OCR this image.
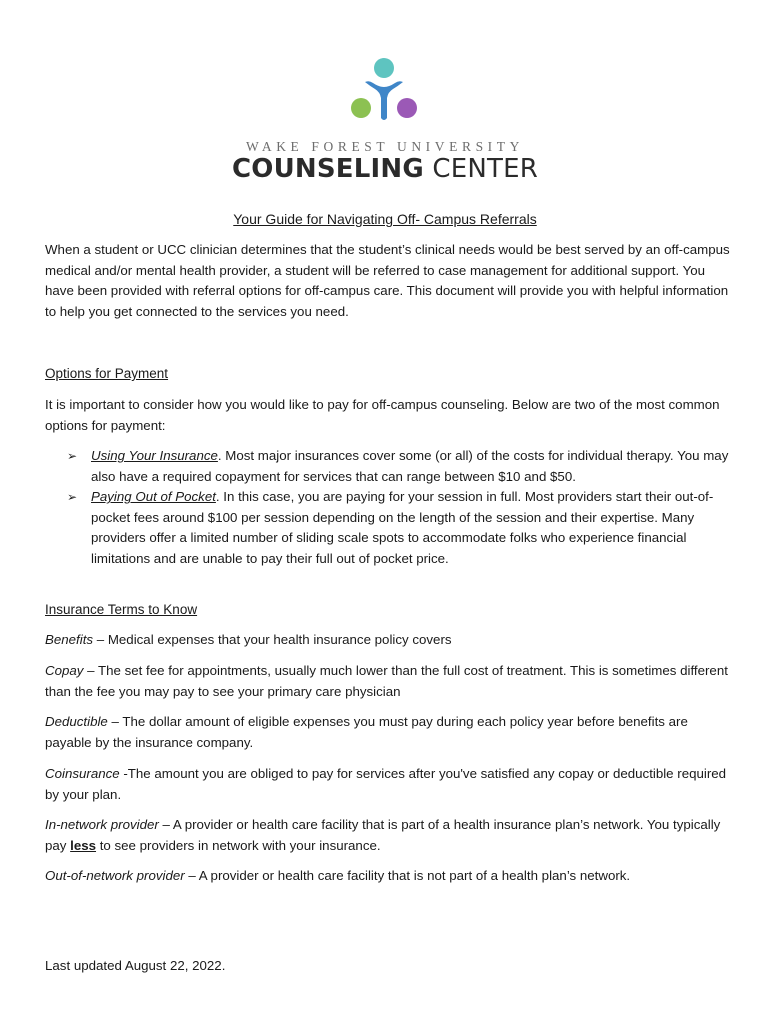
WAKE FOREST UNIVERSITY
COUNSELING CENTER
Your Guide for Navigating Off- Campus Referrals

When a student or UCC clinician determines that the student’s clinical needs would be best served by an off-campus medical and/or mental health provider, a student will be referred to case management for additional support. You have been provided with referral options for off-campus care. This document will provide you with helpful information to help you get connected to the services you need.

Options for Payment

It is important to consider how you would like to pay for off-campus counseling. Below are two of the most common options for payment:

➢ Using Your Insurance. Most major insurances cover some (or all) of the costs for individual therapy. You may also have a required copayment for services that can range between $10 and $50.
➢ Paying Out of Pocket. In this case, you are paying for your session in full. Most providers start their out-of-pocket fees around $100 per session depending on the length of the session and their expertise. Many providers offer a limited number of sliding scale spots to accommodate folks who experience financial limitations and are unable to pay their full out of pocket price.
Insurance Terms to Know

Benefits – Medical expenses that your health insurance policy covers

Copay – The set fee for appointments, usually much lower than the full cost of treatment. This is sometimes different than the fee you may pay to see your primary care physician

Deductible – The dollar amount of eligible expenses you must pay during each policy year before benefits are payable by the insurance company.

Coinsurance -The amount you are obliged to pay for services after you've satisfied any copay or deductible required by your plan.

In-network provider – A provider or health care facility that is part of a health insurance plan’s network. You typically pay less to see providers in network with your insurance.

Out-of-network provider – A provider or health care facility that is not part of a health plan’s network.

Last updated August 22, 2022.
